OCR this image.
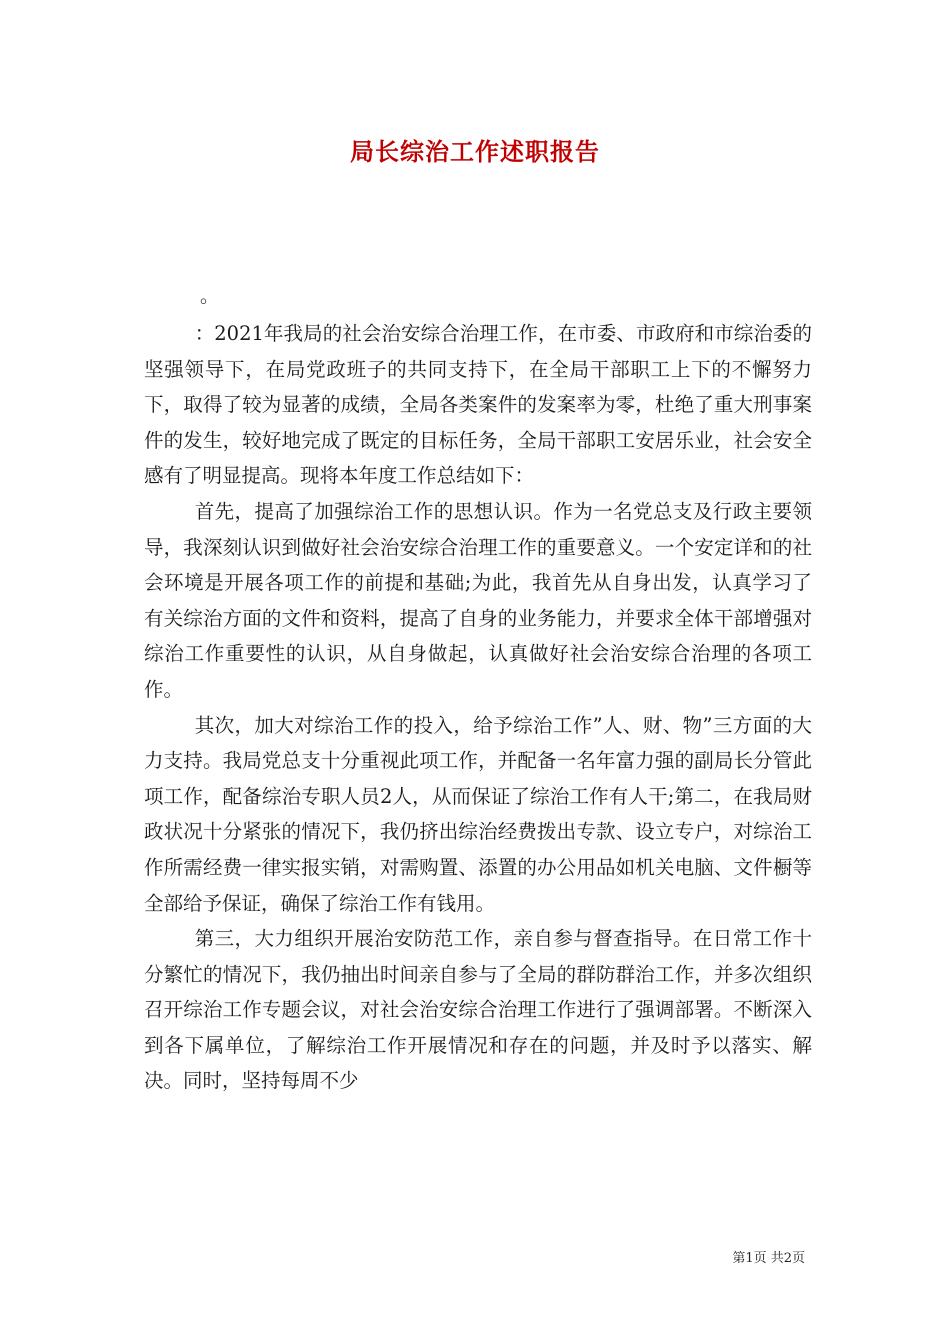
局长综治工作述职报告
。

：2021年我局的社会治安综合治理工作，在市委、市政府和市综治委的坚强领导下，在局党政班子的共同支持下，在全局干部职工上下的不懈努力下，取得了较为显著的成绩，全局各类案件的发案率为零，杜绝了重大刑事案件的发生，较好地完成了既定的目标任务，全局干部职工安居乐业，社会安全感有了明显提高。现将本年度工作总结如下：

首先，提高了加强综治工作的思想认识。作为一名党总支及行政主要领导，我深刻认识到做好社会治安综合治理工作的重要意义。一个安定详和的社会环境是开展各项工作的前提和基础;为此，我首先从自身出发，认真学习了有关综治方面的文件和资料，提高了自身的业务能力，并要求全体干部增强对综治工作重要性的认识，从自身做起，认真做好社会治安综合治理的各项工作。

其次，加大对综治工作的投入，给予综治工作”人、财、物”三方面的大力支持。我局党总支十分重视此项工作，并配备一名年富力强的副局长分管此项工作，配备综治专职人员2人，从而保证了综治工作有人干;第二，在我局财政状况十分紧张的情况下，我仍挤出综治经费拨出专款、设立专户，对综治工作所需经费一律实报实销，对需购置、添置的办公用品如机关电脑、文件橱等全部给予保证，确保了综治工作有钱用。

第三，大力组织开展治安防范工作，亲自参与督查指导。在日常工作十分繁忙的情况下，我仍抽出时间亲自参与了全局的群防群治工作，并多次组织召开综治工作专题会议，对社会治安综合治理工作进行了强调部署。不断深入到各下属单位，了解综治工作开展情况和存在的问题，并及时予以落实、解决。同时，坚持每周不少

第1页 共2页
